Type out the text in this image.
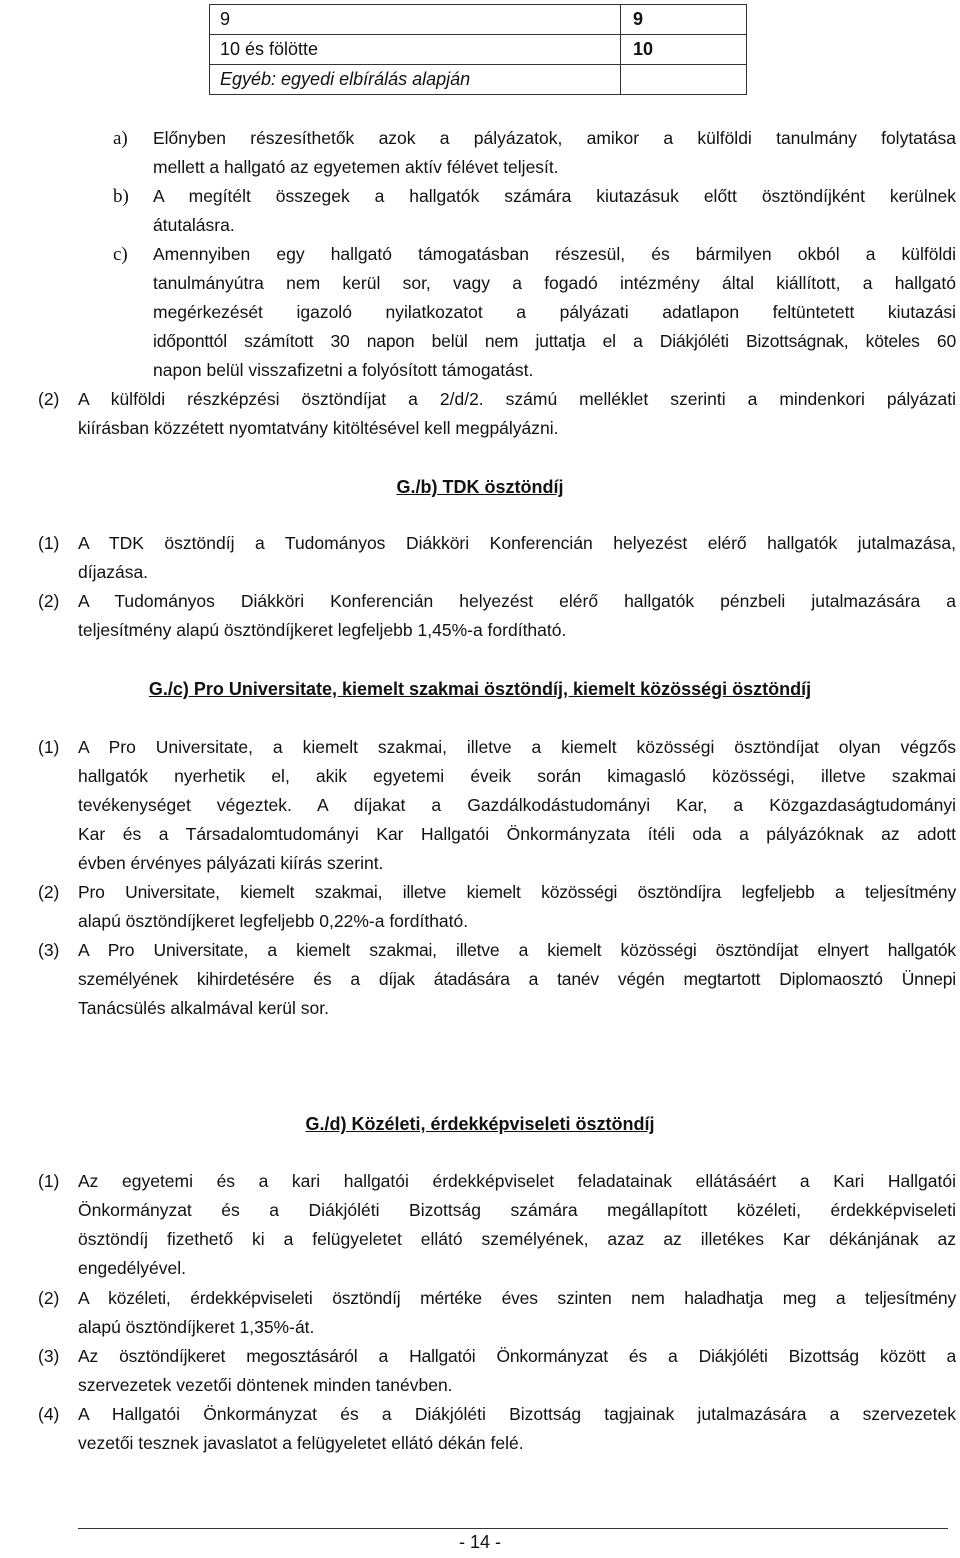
9	9
10 és fölötte	10
Egyéb: egyedi elbírálás alapján	
a) Előnyben részesíthetők azok a pályázatok, amikor a külföldi tanulmány folytatása
mellett a hallgató az egyetemen aktív félévet teljesít.
b) A megítélt összegek a hallgatók számára kiutazásuk előtt ösztöndíjként kerülnek
átutalásra.
c) Amennyiben egy hallgató támogatásban részesül, és bármilyen okból a külföldi
tanulmányútra nem kerül sor, vagy a fogadó intézmény által kiállított, a hallgató
megérkezését igazoló nyilatkozatot a pályázati adatlapon feltüntetett kiutazási
időponttól számított 30 napon belül nem juttatja el a Diákjóléti Bizottságnak, köteles 60
napon belül visszafizetni a folyósított támogatást.
(2) A külföldi részképzési ösztöndíjat a 2/d/2. számú melléklet szerinti a mindenkori pályázati
kiírásban közzétett nyomtatvány kitöltésével kell megpályázni.
G./b) TDK ösztöndíj
(1) A TDK ösztöndíj a Tudományos Diákköri Konferencián helyezést elérő hallgatók jutalmazása,
díjazása.
(2) A Tudományos Diákköri Konferencián helyezést elérő hallgatók pénzbeli jutalmazására a
teljesítmény alapú ösztöndíjkeret legfeljebb 1,45%-a fordítható.
G./c) Pro Universitate, kiemelt szakmai ösztöndíj, kiemelt közösségi ösztöndíj
(1) A Pro Universitate, a kiemelt szakmai, illetve a kiemelt közösségi ösztöndíjat olyan végzős
hallgatók nyerhetik el, akik egyetemi éveik során kimagasló közösségi, illetve szakmai
tevékenységet végeztek. A díjakat a Gazdálkodástudományi Kar, a Közgazdaságtudományi
Kar és a Társadalomtudományi Kar Hallgatói Önkormányzata ítéli oda a pályázóknak az adott
évben érvényes pályázati kiírás szerint.
(2) Pro Universitate, kiemelt szakmai, illetve kiemelt közösségi ösztöndíjra legfeljebb a teljesítmény
alapú ösztöndíjkeret legfeljebb 0,22%-a fordítható.
(3) A Pro Universitate, a kiemelt szakmai, illetve a kiemelt közösségi ösztöndíjat elnyert hallgatók
személyének kihirdetésére és a díjak átadására a tanév végén megtartott Diplomaosztó Ünnepi
Tanácsülés alkalmával kerül sor.
G./d) Közéleti, érdekképviseleti ösztöndíj
(1) Az egyetemi és a kari hallgatói érdekképviselet feladatainak ellátásáért a Kari Hallgatói
Önkormányzat és a Diákjóléti Bizottság számára megállapított közéleti, érdekképviseleti
ösztöndíj fizethető ki a felügyeletet ellátó személyének, azaz az illetékes Kar dékánjának az
engedélyével.
(2) A közéleti, érdekképviseleti ösztöndíj mértéke éves szinten nem haladhatja meg a teljesítmény
alapú ösztöndíjkeret 1,35%-át.
(3) Az ösztöndíjkeret megosztásáról a Hallgatói Önkormányzat és a Diákjóléti Bizottság között a
szervezetek vezetői döntenek minden tanévben.
(4) A Hallgatói Önkormányzat és a Diákjóléti Bizottság tagjainak jutalmazására a szervezetek
vezetői tesznek javaslatot a felügyeletet ellátó dékán felé.
- 14 -
